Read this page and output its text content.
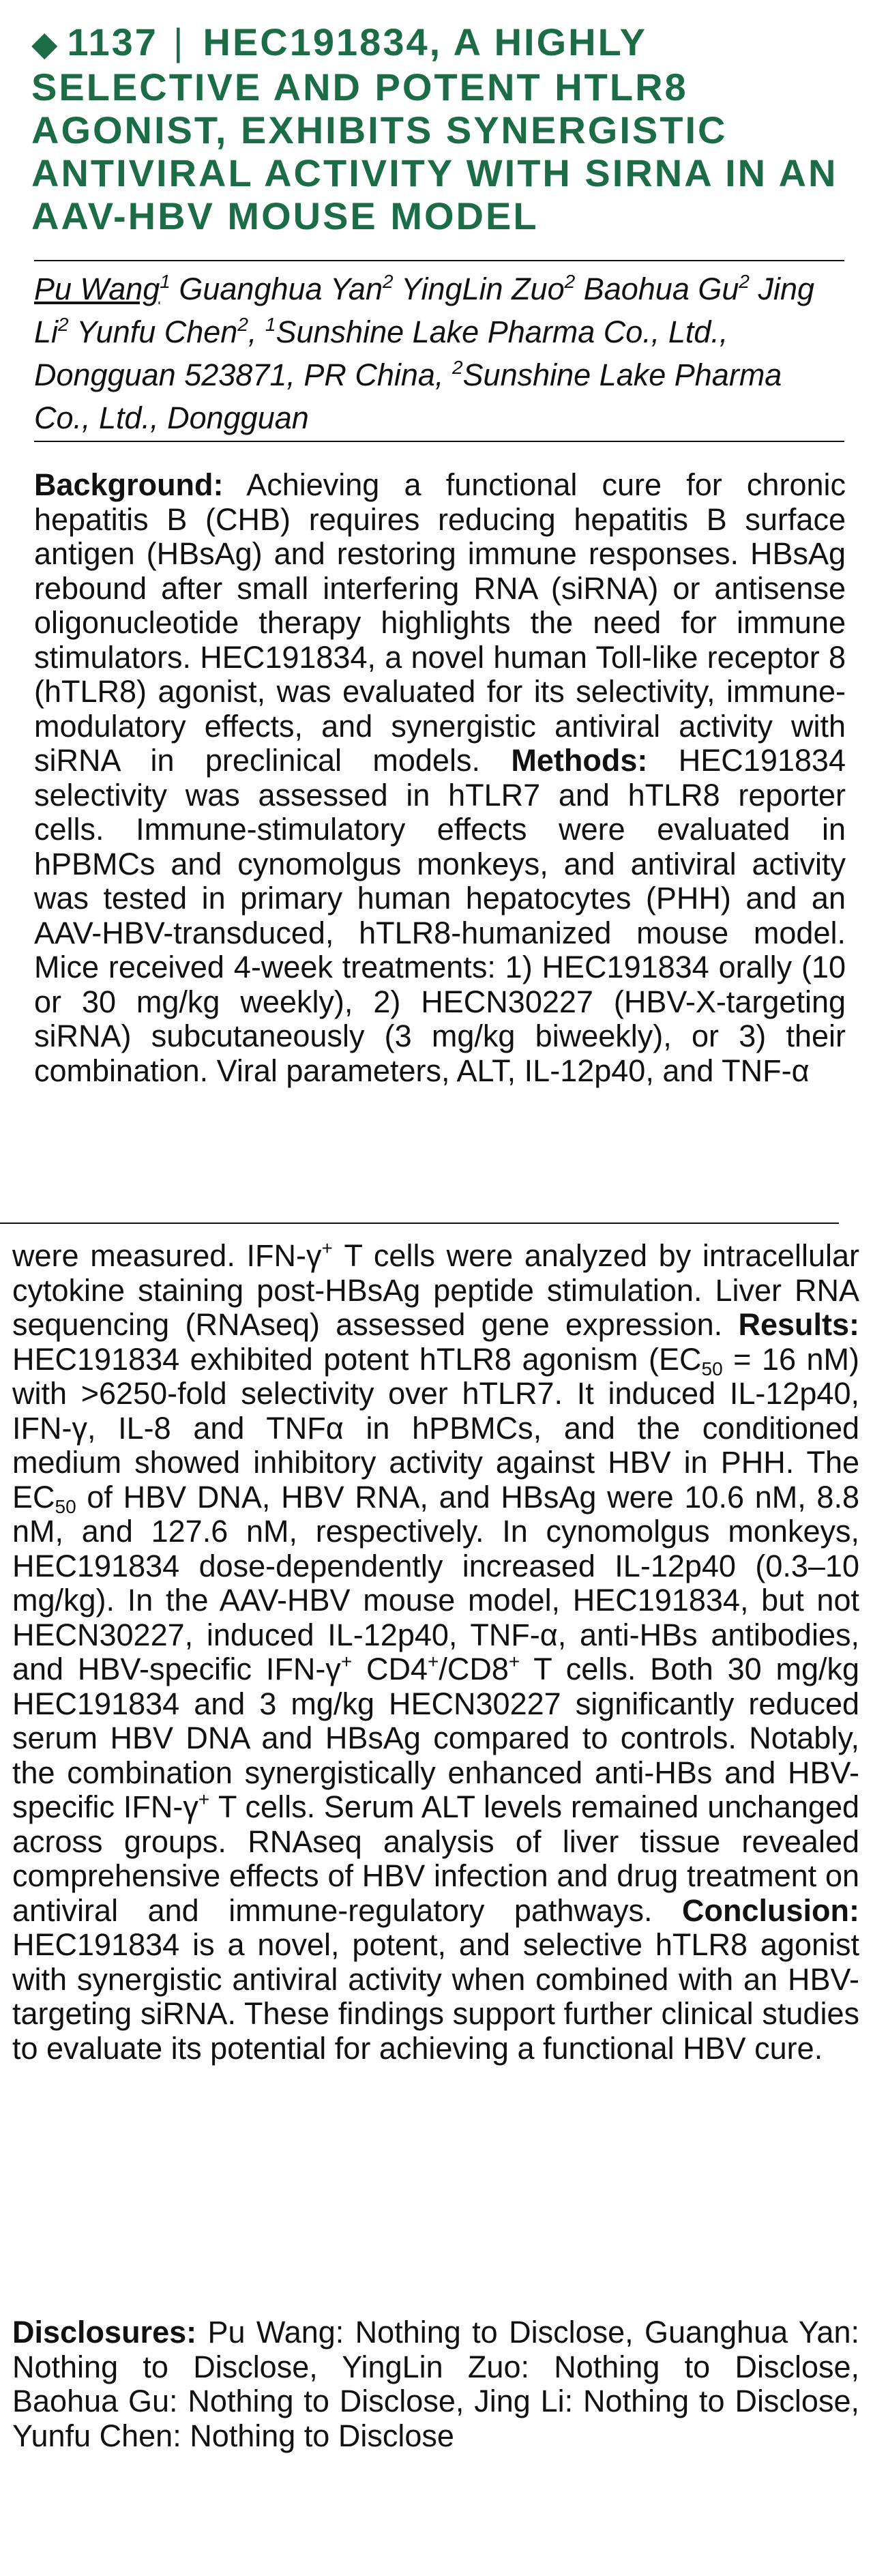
◆ 1137 | HEC191834, A HIGHLY SELECTIVE AND POTENT HTLR8 AGONIST, EXHIBITS SYNERGISTIC ANTIVIRAL ACTIVITY WITH SIRNA IN AN AAV-HBV MOUSE MODEL

Pu Wang$^1$ Guanghua Yan$^2$ YingLin Zuo$^2$ Baohua Gu$^2$ Jing Li$^2$ Yunfu Chen$^2$, $^1$Sunshine Lake Pharma Co., Ltd., Dongguan 523871, PR China, $^2$Sunshine Lake Pharma Co., Ltd., Dongguan

Background: Achieving a functional cure for chronic hepatitis B (CHB) requires reducing hepatitis B surface antigen (HBsAg) and restoring immune responses. HBsAg rebound after small interfering RNA (siRNA) or antisense oligonucleotide therapy highlights the need for immune stimulators. HEC191834, a novel human Toll-like receptor 8 (hTLR8) agonist, was evaluated for its selectivity, immune-modulatory effects, and synergistic antiviral activity with siRNA in preclinical models. Methods: HEC191834 selectivity was assessed in hTLR7 and hTLR8 reporter cells. Immune-stimulatory effects were evaluated in hPBMCs and cynomolgus monkeys, and antiviral activity was tested in primary human hepatocytes (PHH) and an AAV-HBV-transduced, hTLR8-humanized mouse model. Mice received 4-week treatments: 1) HEC191834 orally (10 or 30 mg/​kg weekly), 2) HECN30227 (HBV-X-targeting siRNA) subcutaneously (3 mg/kg biweekly), or 3) their combination. Viral parameters, ALT, IL-12p40, and TNF-α

were measured. IFN-γ+ T cells were analyzed by intracellular cytokine staining post-HBsAg peptide stimulation. Liver RNA sequencing (RNAseq) assessed gene expression. Results: HEC191834 exhibited potent hTLR8 agonism ($EC_{50} = 16$ nM) with >6250-fold selectivity over hTLR7. It induced IL-12p40, IFN-γ, IL-8 and TNFα in hPBMCs, and the conditioned medium showed inhibitory activity against HBV in PHH. The $EC_{50}$ of HBV DNA, HBV RNA, and HBsAg were 10.6 nM, 8.8 nM, and 127.6 nM, respectively. In cynomolgus monkeys, HEC191834 dose-dependently increased IL-12p40 (0.3–10 mg/kg). In the AAV-HBV mouse model, HEC191834, but not HECN30227, induced IL-12p40, TNF-α, anti-HBs antibodies, and HBV-specific IFN-γ+ CD4+/CD8+ T cells. Both 30 mg/kg HEC191834 and 3 mg/kg HECN30227 significantly reduced serum HBV DNA and HBsAg compared to controls. Notably, the combination synergistically enhanced anti-HBs and HBV-specific IFN-γ+ T cells. Serum ALT levels remained unchanged across groups. RNAseq analysis of liver tissue revealed comprehensive effects of HBV infection and drug treatment on antiviral and immune-regulatory pathways. Conclusion: HEC191834 is a novel, potent, and selective hTLR8 agonist with synergistic antiviral activity when combined with an HBV-targeting siRNA. These findings support further clinical studies to evaluate its potential for achieving a functional HBV cure.

Disclosures: Pu Wang: Nothing to Disclose, Guanghua Yan: Nothing to Disclose, YingLin Zuo: Nothing to Disclose, Baohua Gu: Nothing to Disclose, Jing Li: Nothing to Disclose, Yunfu Chen: Nothing to Disclose
